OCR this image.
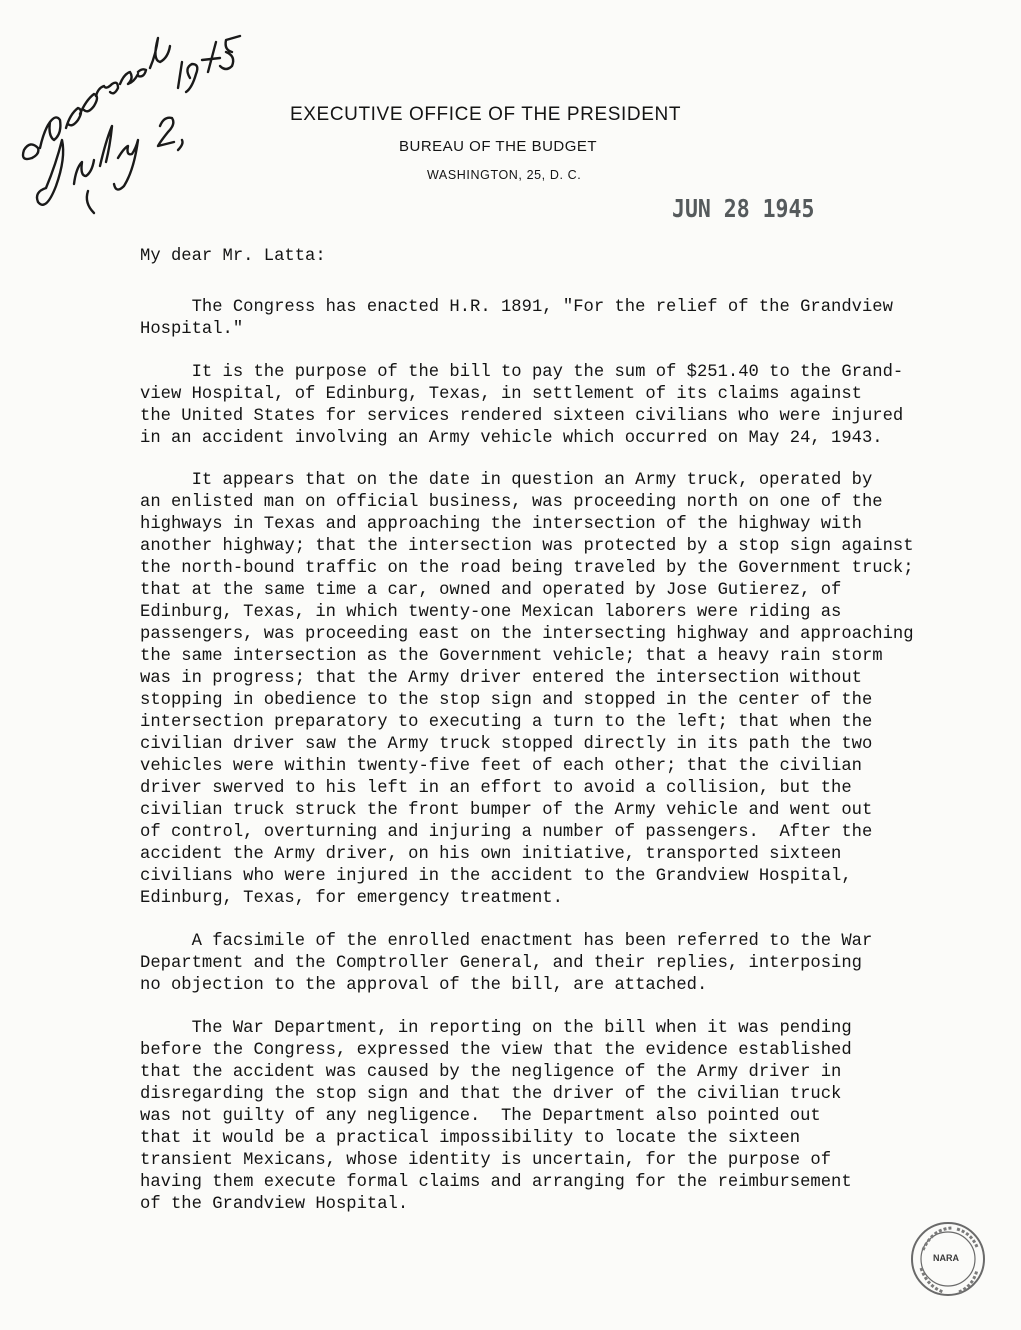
EXECUTIVE OFFICE OF THE PRESIDENT
BUREAU OF THE BUDGET
WASHINGTON, 25, D. C.
JUN 28 1945
My dear Mr. Latta:
The Congress has enacted H.R. 1891, "For the relief of the Grandview
Hospital."
It is the purpose of the bill to pay the sum of $251.40 to the Grand-
view Hospital, of Edinburg, Texas, in settlement of its claims against
the United States for services rendered sixteen civilians who were injured
in an accident involving an Army vehicle which occurred on May 24, 1943.
It appears that on the date in question an Army truck, operated by
an enlisted man on official business, was proceeding north on one of the
highways in Texas and approaching the intersection of the highway with
another highway; that the intersection was protected by a stop sign against
the north-bound traffic on the road being traveled by the Government truck;
that at the same time a car, owned and operated by Jose Gutierez, of
Edinburg, Texas, in which twenty-one Mexican laborers were riding as
passengers, was proceeding east on the intersecting highway and approaching
the same intersection as the Government vehicle; that a heavy rain storm
was in progress; that the Army driver entered the intersection without
stopping in obedience to the stop sign and stopped in the center of the
intersection preparatory to executing a turn to the left; that when the
civilian driver saw the Army truck stopped directly in its path the two
vehicles were within twenty-five feet of each other; that the civilian
driver swerved to his left in an effort to avoid a collision, but the
civilian truck struck the front bumper of the Army vehicle and went out
of control, overturning and injuring a number of passengers.  After the
accident the Army driver, on his own initiative, transported sixteen
civilians who were injured in the accident to the Grandview Hospital,
Edinburg, Texas, for emergency treatment.
A facsimile of the enrolled enactment has been referred to the War
Department and the Comptroller General, and their replies, interposing
no objection to the approval of the bill, are attached.
The War Department, in reporting on the bill when it was pending
before the Congress, expressed the view that the evidence established
that the accident was caused by the negligence of the Army driver in
disregarding the stop sign and that the driver of the civilian truck
was not guilty of any negligence.  The Department also pointed out
that it would be a practical impossibility to locate the sixteen
transient Mexicans, whose identity is uncertain, for the purpose of
having them execute formal claims and arranging for the reimbursement
of the Grandview Hospital.
NARA
